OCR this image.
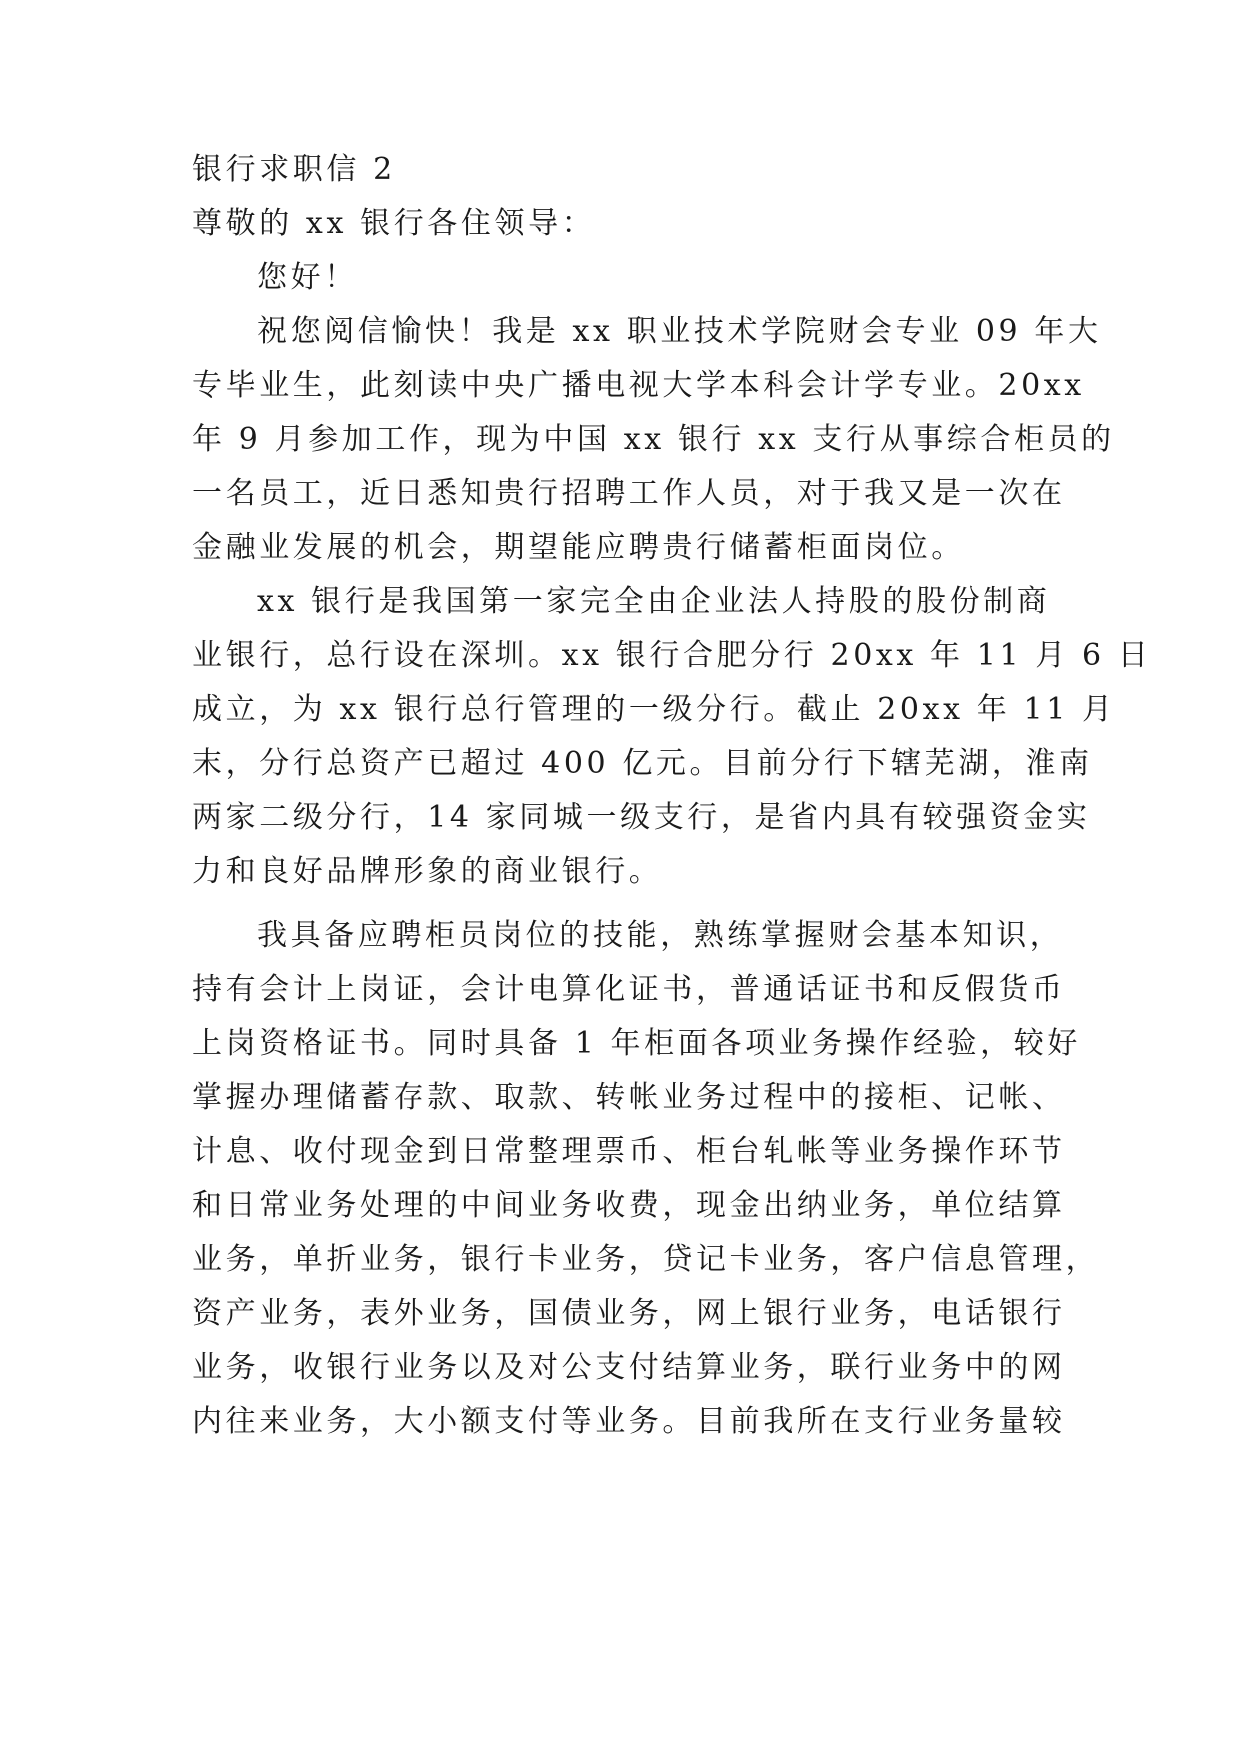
银行求职信 2
尊敬的 xx 银行各住领导：
您好！
祝您阅信愉快！我是 xx 职业技术学院财会专业 09 年大
专毕业生，此刻读中央广播电视大学本科会计学专业。20xx
年 9 月参加工作，现为中国 xx 银行 xx 支行从事综合柜员的
一名员工，近日悉知贵行招聘工作人员，对于我又是一次在
金融业发展的机会，期望能应聘贵行储蓄柜面岗位。
xx 银行是我国第一家完全由企业法人持股的股份制商
业银行，总行设在深圳。xx 银行合肥分行 20xx 年 11 月 6 日
成立，为 xx 银行总行管理的一级分行。截止 20xx 年 11 月
末，分行总资产已超过 400 亿元。目前分行下辖芜湖，淮南
两家二级分行，14 家同城一级支行，是省内具有较强资金实
力和良好品牌形象的商业银行。
我具备应聘柜员岗位的技能，熟练掌握财会基本知识，
持有会计上岗证，会计电算化证书，普通话证书和反假货币
上岗资格证书。同时具备 1 年柜面各项业务操作经验，较好
掌握办理储蓄存款、取款、转帐业务过程中的接柜、记帐、
计息、收付现金到日常整理票币、柜台轧帐等业务操作环节
和日常业务处理的中间业务收费，现金出纳业务，单位结算
业务，单折业务，银行卡业务，贷记卡业务，客户信息管理，
资产业务，表外业务，国债业务，网上银行业务，电话银行
业务，收银行业务以及对公支付结算业务，联行业务中的网
内往来业务，大小额支付等业务。目前我所在支行业务量较
